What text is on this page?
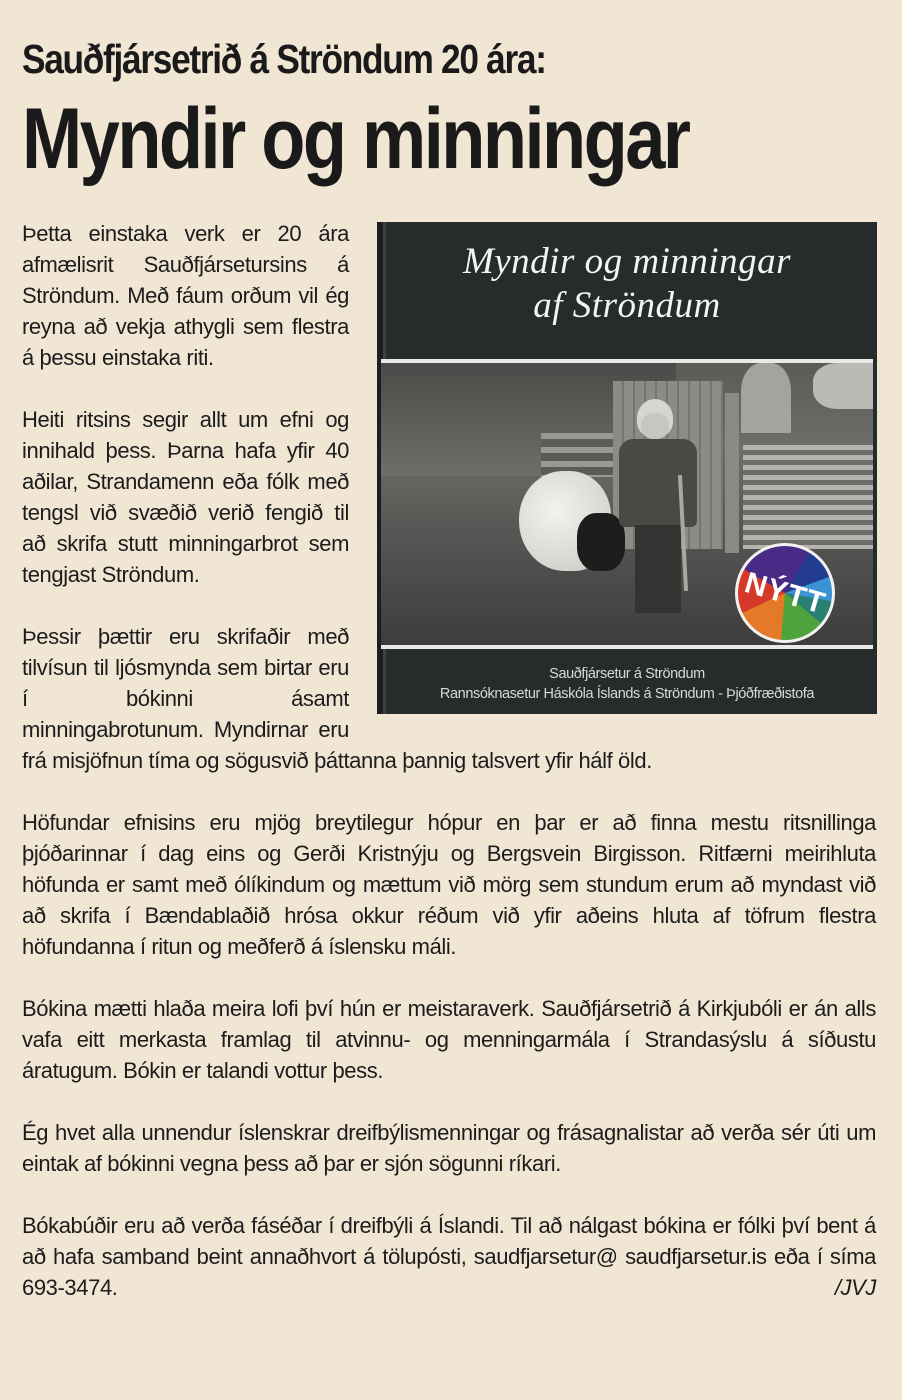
Sauðfjársetrið á Ströndum 20 ára:
Myndir og minningar
Myndir og minningar
af Ströndum
NÝTT
Sauðfjársetur á Ströndum
Rannsóknasetur Háskóla Íslands á Ströndum - Þjóðfræðistofa

Þetta einstaka verk er 20 ára afmælisrit Sauðfjársetursins á Ströndum. Með fáum orðum vil ég reyna að vekja athygli sem flestra á þessu einstaka riti.

Heiti ritsins segir allt um efni og innihald þess. Þarna hafa yfir 40 aðilar, Strandamenn eða fólk með tengsl við svæðið verið fengið til að skrifa stutt minningarbrot sem tengjast Ströndum.

Þessir þættir eru skrifaðir með tilvísun til ljósmynda sem birtar eru í bókinni ásamt minningabrotunum. Myndirnar eru frá misjöfnun tíma og sögusvið þáttanna þannig talsvert yfir hálf öld.

Höfundar efnisins eru mjög breytilegur hópur en þar er að finna mestu ritsnillinga þjóðarinnar í dag eins og Gerði Kristnýju og Bergsvein Birgisson. Ritfærni meirihluta höfunda er samt með ólíkindum og mættum við mörg sem stundum erum að myndast við að skrifa í Bændablaðið hrósa okkur réðum við yfir aðeins hluta af töfrum flestra höfundanna í ritun og meðferð á íslensku máli.

Bókina mætti hlaða meira lofi því hún er meistaraverk. Sauðfjársetrið á Kirkjubóli er án alls vafa eitt merkasta framlag til atvinnu- og menningarmála í Strandasýslu á síðustu áratugum. Bókin er talandi vottur þess.

Ég hvet alla unnendur íslenskrar dreifbýlismenningar og frásagnalistar að verða sér úti um eintak af bókinni vegna þess að þar er sjón sögunni ríkari.

Bókabúðir eru að verða fáséðar í dreifbýli á Íslandi. Til að nálgast bókina er fólki því bent á að hafa samband beint annaðhvort á tölupósti, saudfjarsetur@ saudfjarsetur.is eða í síma 693-3474.	/JVJ
